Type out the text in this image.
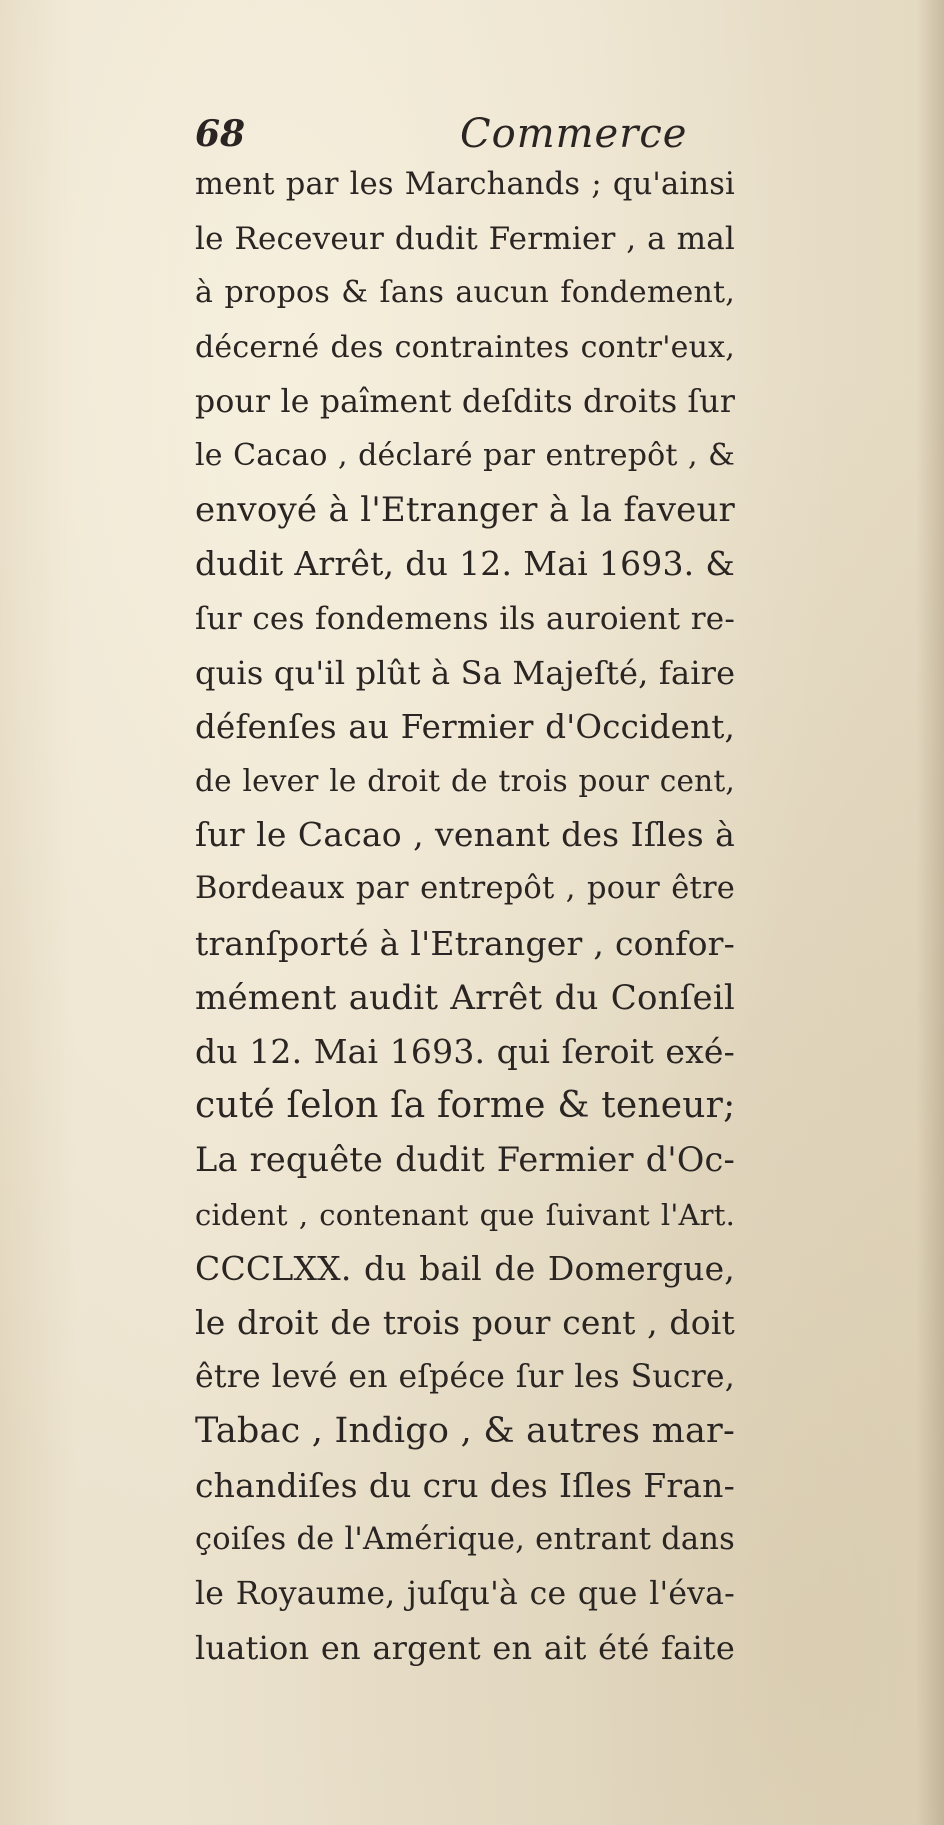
68	Commerce
ment par les Marchands ; qu'ainsi
le Receveur dudit Fermier , a mal
à propos & ſans aucun fondement,
décerné des contraintes contr'eux,
pour le paîment deſdits droits ſur
le Cacao , déclaré par entrepôt , &
envoyé à l'Etranger à la faveur
dudit Arrêt, du 12. Mai 1693. &
ſur ces fondemens ils auroient re-
quis qu'il plût à Sa Majeſté, faire
défenſes au Fermier d'Occident,
de lever le droit de trois pour cent,
ſur le Cacao , venant des Iſles à
Bordeaux par entrepôt , pour être
tranſporté à l'Etranger , confor-
mément audit Arrêt du Conſeil
du 12. Mai 1693. qui ſeroit exé-
cuté ſelon ſa forme & teneur;
La requête dudit Fermier d'Oc-
cident , contenant que ſuivant l'Art.
CCCLXX. du bail de Domergue,
le droit de trois pour cent , doit
être levé en eſpéce ſur les Sucre,
Tabac , Indigo , & autres mar-
chandiſes du cru des Iſles Fran-
çoiſes de l'Amérique, entrant dans
le Royaume, juſqu'à ce que l'éva-
luation en argent en ait été faite
